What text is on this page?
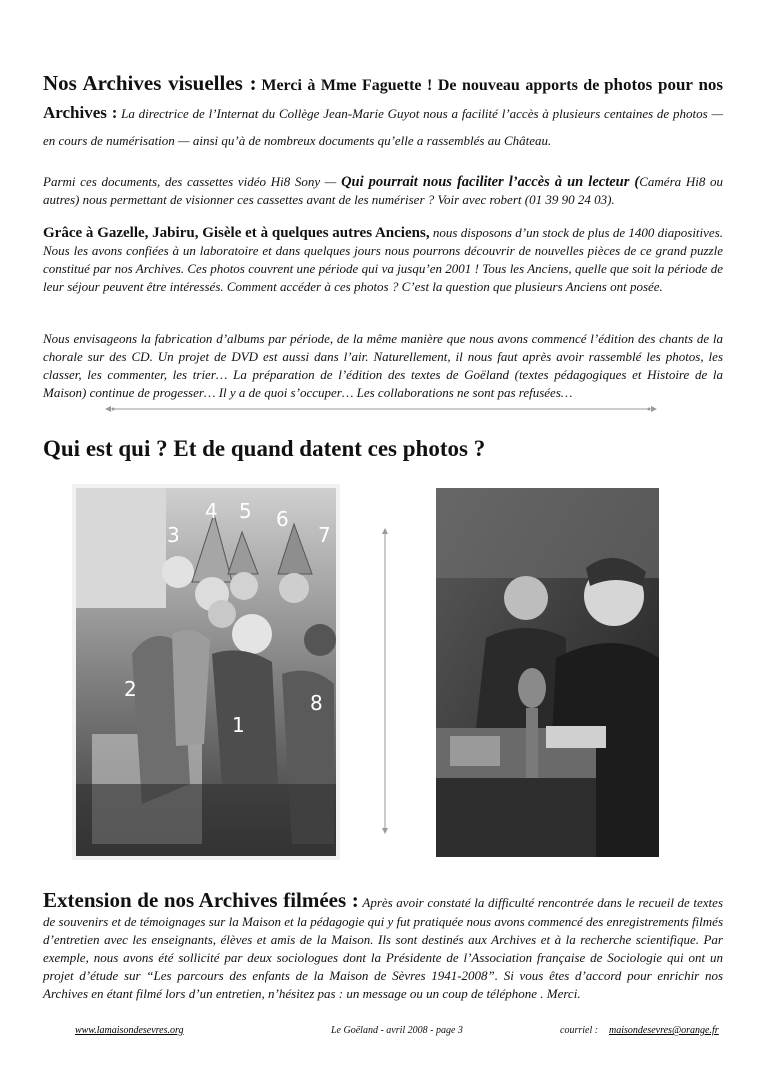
Nos Archives visuelles : Merci à Mme Faguette ! De nouveau apports de photos pour nos Archives : La directrice de l’Internat du Collège Jean-Marie Guyot nous a facilité l’accès à plusieurs centaines de photos — en cours de numérisation — ainsi qu’à de nombreux documents qu’elle a rassemblés au Château.

Parmi ces documents, des cassettes vidéo Hi8 Sony — Qui pourrait nous faciliter l’accès à un lecteur (Caméra Hi8 ou autres) nous permettant de visionner ces cassettes avant de les numériser ? Voir avec robert (01 39 90 24 03).

Grâce à Gazelle, Jabiru, Gisèle et à quelques autres Anciens, nous disposons d’un stock de plus de 1400 diapositives. Nous les avons confiées à un laboratoire et dans quelques jours nous pourrons découvrir de nouvelles pièces de ce grand puzzle constitué par nos Archives. Ces photos couvrent une période qui va jusqu’en 2001 ! Tous les Anciens, quelle que soit la période de leur séjour peuvent être intéressés. Comment accéder à ces photos ? C’est la question que plusieurs Anciens ont posée.

Nous envisageons la fabrication d’albums par période, de la même manière que nous avons commencé l’édition des chants de la chorale sur des CD. Un projet de DVD est aussi dans l’air. Naturellement, il nous faut après avoir rassemblé les photos, les classer, les commenter, les trier… La préparation de l’édition des textes de Goëland (textes pédagogiques et Histoire de la Maison) continue de progesser… Il y a de quoi s’occuper… Les collaborations ne sont pas refusées…

Qui est qui ? Et de quand datent ces photos ?
3
4 5 6
7
2
1
8

Extension de nos Archives filmées : Après avoir constaté la difficulté rencontrée dans le recueil de textes de souvenirs et de témoignages sur la Maison et la pédagogie qui y fut pratiquée nous avons commencé des enregistrements filmés d’entretien avec les enseignants, élèves et amis de la Maison. Ils sont destinés aux Archives et à la recherche scientifique. Par exemple, nous avons été sollicité par deux sociologues dont la Présidente de l’Association française de Sociologie qui ont un projet d’étude sur “Les parcours des enfants de la Maison de Sèvres 1941-2008”. Si vous êtes d’accord pour enrichir nos Archives en étant filmé lors d’un entretien, n’hésitez pas : un message ou un coup de téléphone . Merci.

www.lamaisondesevres.org	Le Goëland - avril 2008 - page 3	courriel : maisondesevres@orange.fr
